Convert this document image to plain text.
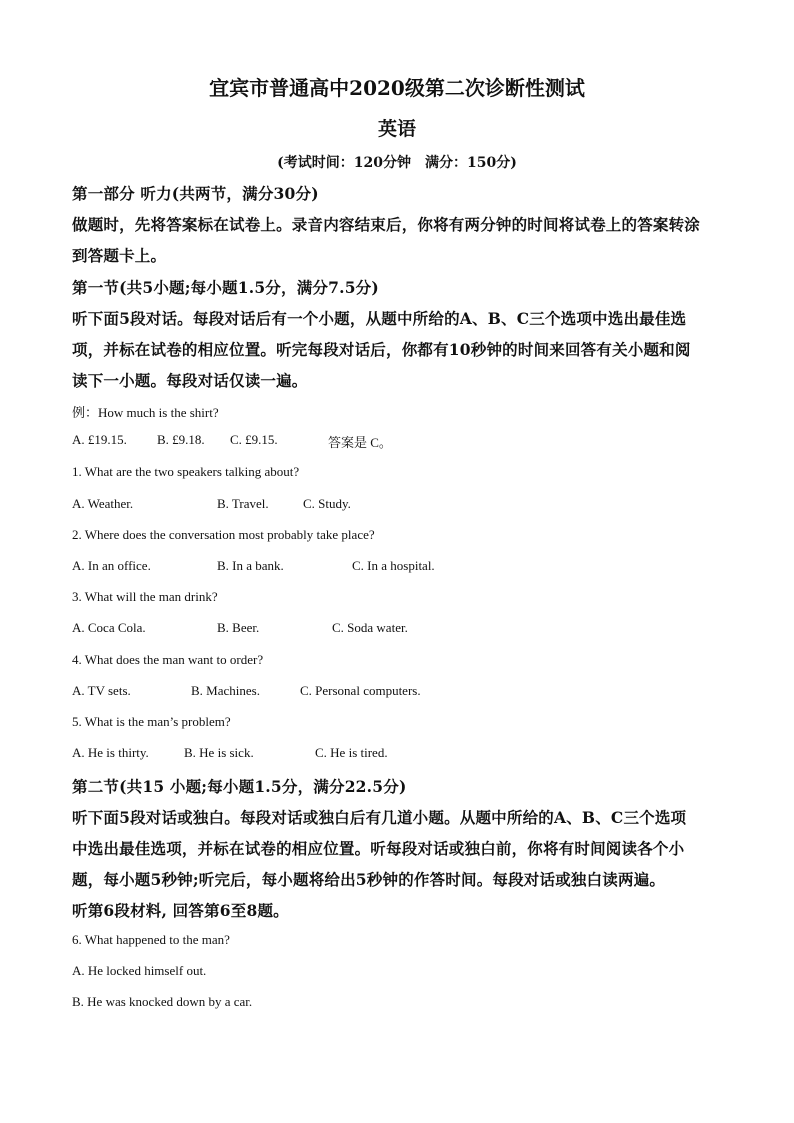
宜宾市普通高中2020级第二次诊断性测试
英语
(考试时间：120分钟　满分：150分)
第一部分 听力(共两节，满分30分)
做题时，先将答案标在试卷上。录音内容结束后，你将有两分钟的时间将试卷上的答案转涂
到答题卡上。
第一节(共5小题;每小题1.5分，满分7.5分)
听下面5段对话。每段对话后有一个小题，从题中所给的A、B、C三个选项中选出最佳选
项，并标在试卷的相应位置。听完每段对话后，你都有10秒钟的时间来回答有关小题和阅
读下一小题。每段对话仅读一遍。
例：How much is the shirt?
A. £19.15. B. £9.18. C. £9.15.	答案是 C。
1. What are the two speakers talking about?
A. Weather.	B. Travel.	C. Study.
2. Where does the conversation most probably take place?
A. In an office.	B. In a bank.	C. In a hospital.
3. What will the man drink?
A. Coca Cola.	B. Beer.	C. Soda water.
4. What does the man want to order?
A. TV sets.	B. Machines.	C. Personal computers.
5. What is the man’s problem?
A. He is thirty.	B. He is sick.	C. He is tired.
第二节(共15 小题;每小题1.5分，满分22.5分)
听下面5段对话或独白。每段对话或独白后有几道小题。从题中所给的A、B、C三个选项
中选出最佳选项，并标在试卷的相应位置。听每段对话或独白前，你将有时间阅读各个小
题，每小题5秒钟;听完后，每小题将给出5秒钟的作答时间。每段对话或独白读两遍。
听第6段材料, 回答第6至8题。
6. What happened to the man?
A. He locked himself out.
B. He was knocked down by a car.
